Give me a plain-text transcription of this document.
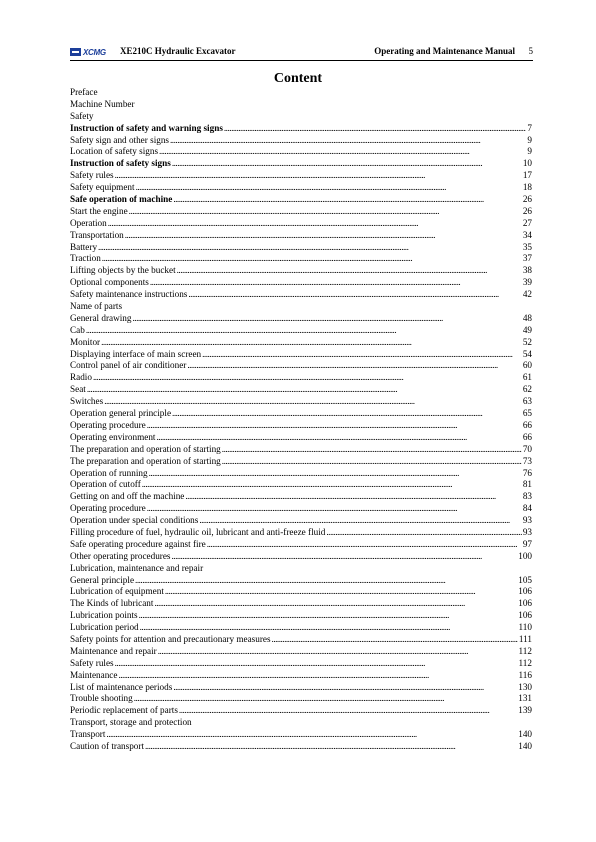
XCMG XE210C Hydraulic Excavator	Operating and Maintenance Manual 5
Content
Preface
Machine Number
Safety
Instruction of safety and warning signs . . .	7
Safety sign and other signs . . .	9
Location of safety signs . . .	9
Instruction of safety signs . . .	10
Safety rules . . .	17
Safety equipment . . .	18
Safe operation of machine . . .	26
Start the engine . . .	26
Operation . . .	27
Transportation . . .	34
Battery . . .	35
Traction . . .	37
Lifting objects by the bucket . . .	38
Optional components . . .	39
Safety maintenance instructions . . .	42
Name of parts
General drawing . . .	48
Cab . . .	49
Monitor . . .	52
Displaying interface of main screen . . .	54
Control panel of air conditioner . . .	60
Radio . . .	61
Seat . . .	62
Switches . . .	63
Operation general principle . . .	65
Operating procedure . . .	66
Operating environment . . .	66
The preparation and operation of starting . . .	70
The preparation and operation of starting . . .	73
Operation of running . . .	76
Operation of cutoff . . .	81
Getting on and off the machine . . .	83
Operating procedure . . .	84
Operation under special conditions . . .	93
Filling procedure of fuel, hydraulic oil, lubricant and anti-freeze fluid . . .	93
Safe operating procedure against fire . . .	97
Other operating procedures . . .	100
Lubrication, maintenance and repair
General principle . . .	105
Lubrication of equipment . . .	106
The Kinds of lubricant . . .	106
Lubrication points . . .	106
Lubrication period . . .	110
Safety points for attention and precautionary measures . . .	111
Maintenance and repair . . .	112
Safety rules . . .	112
Maintenance . . .	116
List of maintenance periods . . .	130
Trouble shooting . . .	131
Periodic replacement of parts . . .	139
Transport, storage and protection
Transport . . .	140
Caution of transport . . .	140
